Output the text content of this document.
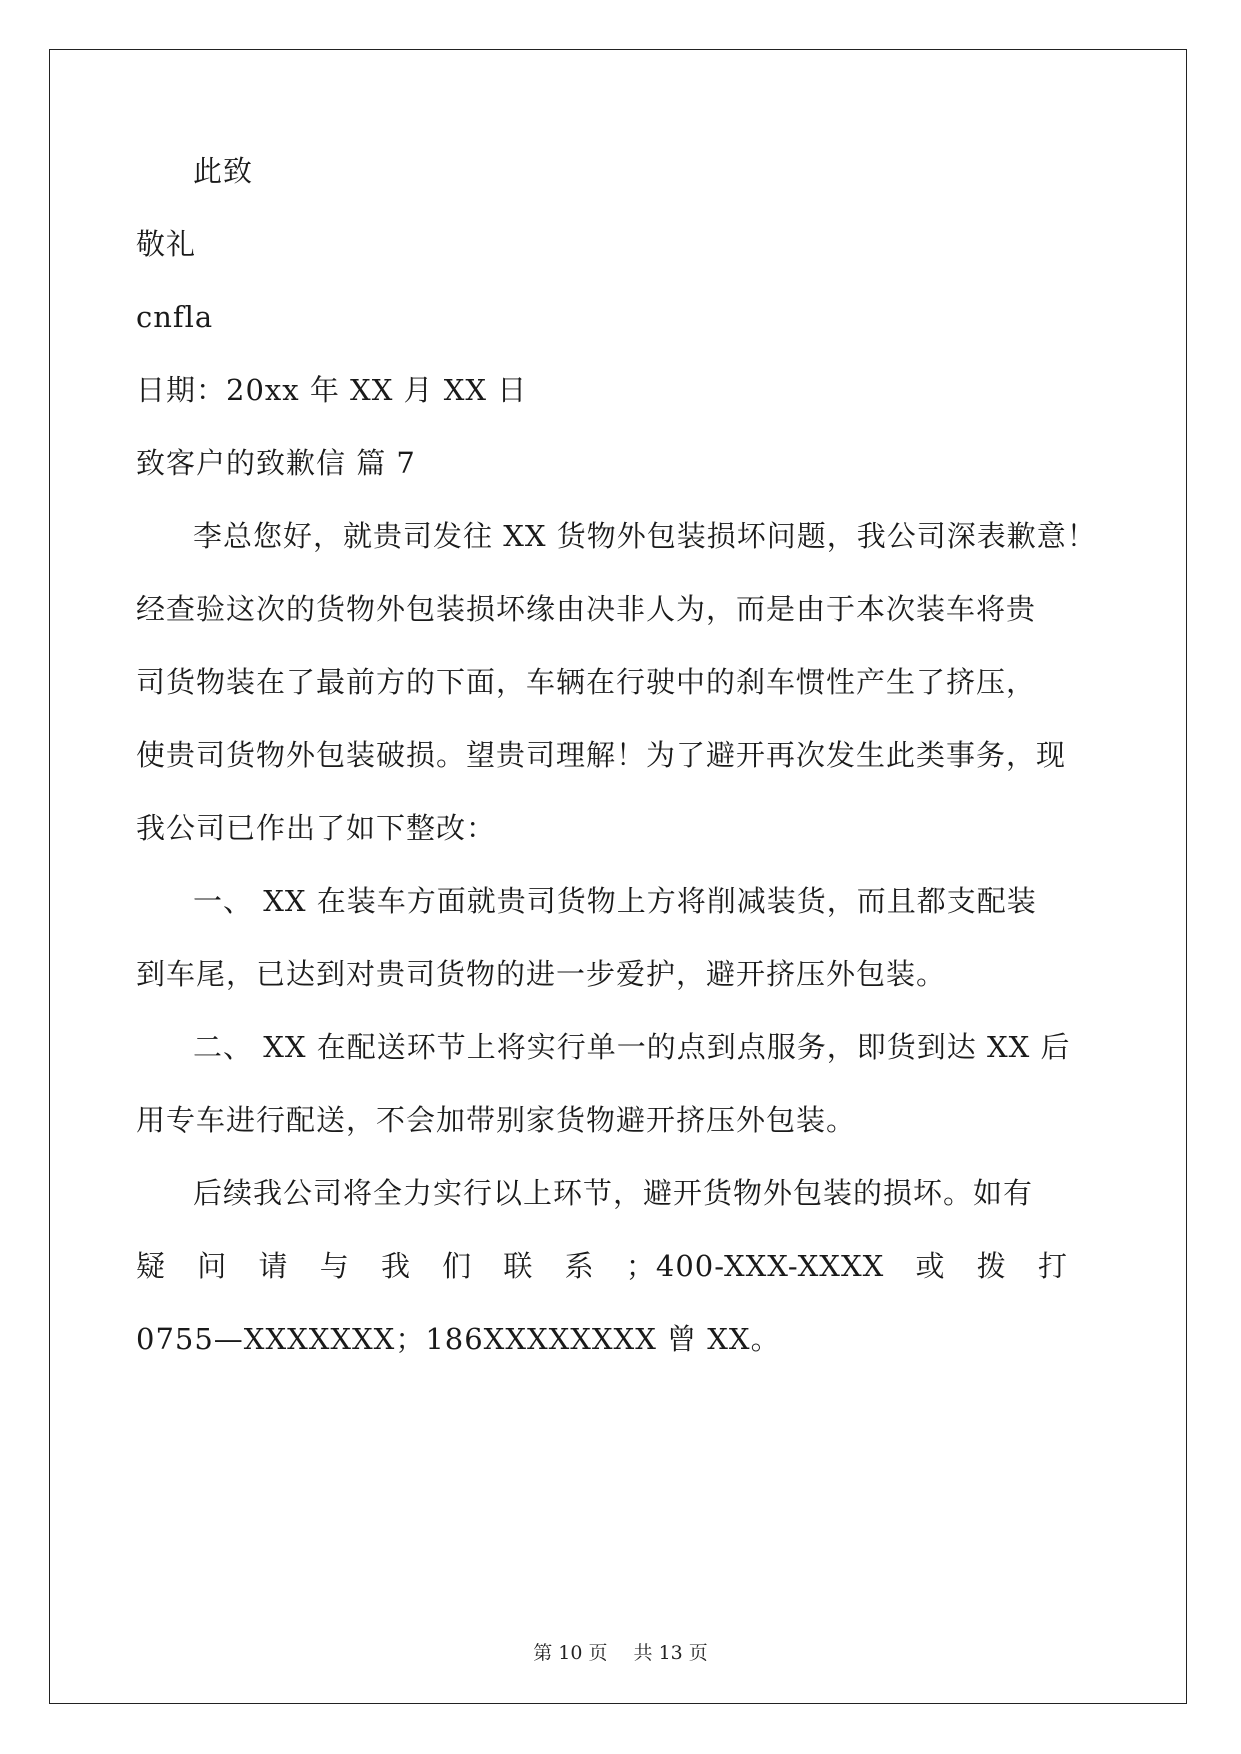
此致
敬礼
cnfla
日期：20xx 年 XX 月 XX 日
致客户的致歉信 篇 7
李总您好，就贵司发往 XX 货物外包装损坏问题，我公司深表歉意！
经查验这次的货物外包装损坏缘由决非人为，而是由于本次装车将贵
司货物装在了最前方的下面，车辆在行驶中的刹车惯性产生了挤压，
使贵司货物外包装破损。望贵司理解！为了避开再次发生此类事务，现
我公司已作出了如下整改：
一、 XX 在装车方面就贵司货物上方将削减装货，而且都支配装
到车尾，已达到对贵司货物的进一步爱护，避开挤压外包装。
二、 XX 在配送环节上将实行单一的点到点服务，即货到达 XX 后
用专车进行配送，不会加带别家货物避开挤压外包装。
后续我公司将全力实行以上环节，避开货物外包装的损坏。如有
疑 问 请 与 我 们 联 系 ；400-XXX-XXXX 或 拨 打
0755—XXXXXXX；186XXXXXXXX 曾 XX。
第 10 页 共 13 页
